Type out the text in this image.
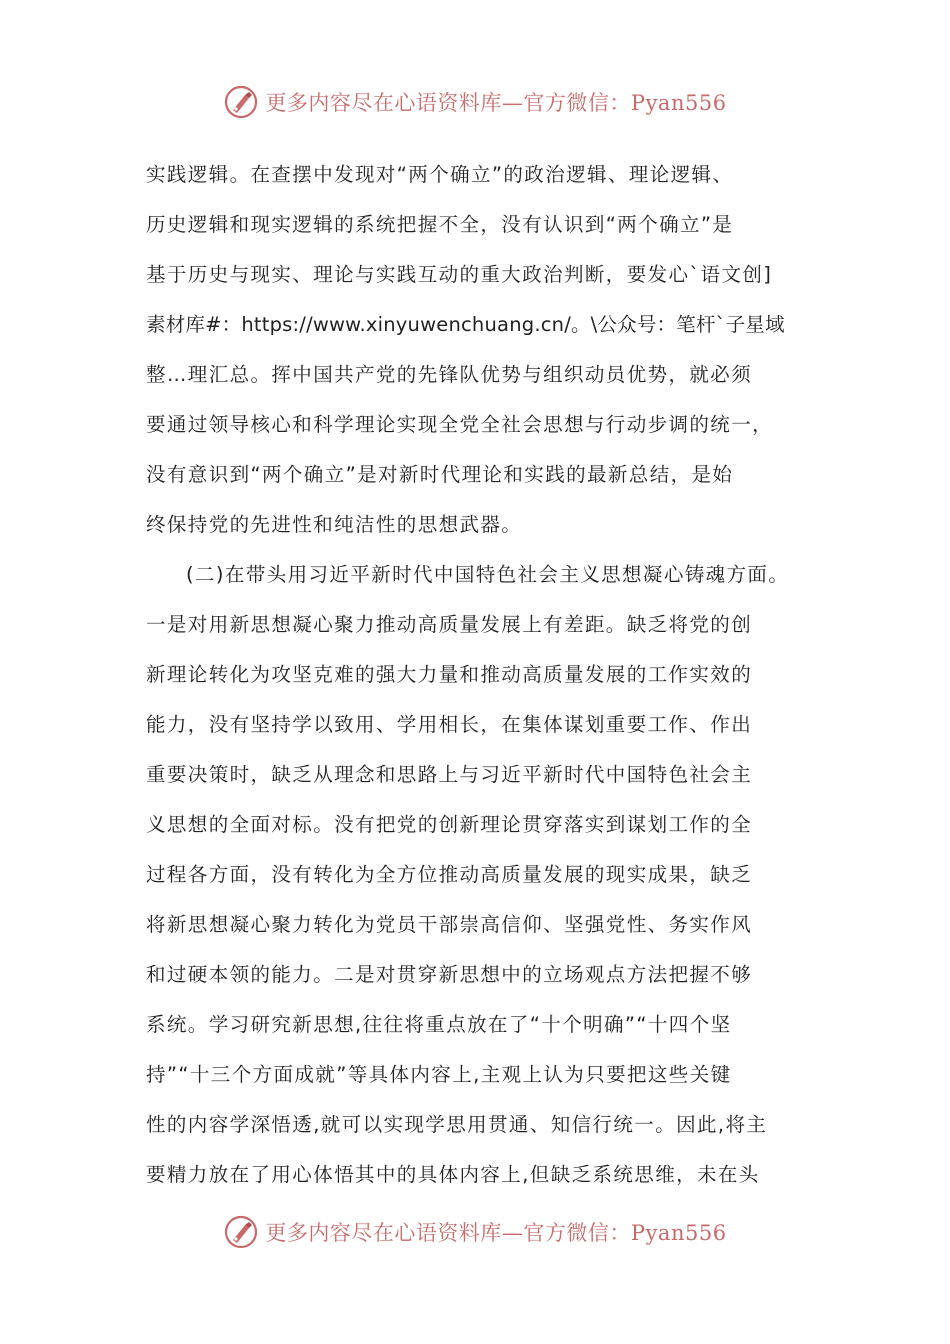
更多内容尽在心语资料库—官方微信：Pyan556
实践逻辑。在查摆中发现对“两个确立”的政治逻辑、理论逻辑、
历史逻辑和现实逻辑的系统把握不全，没有认识到“两个确立”是
基于历史与现实、理论与实践互动的重大政治判断，要发心`语文创]
素材库#：https://www.xinyuwenchuang.cn/。\公众号：笔杆`子星域
整…理汇总。挥中国共产党的先锋队优势与组织动员优势，就必须
要通过领导核心和科学理论实现全党全社会思想与行动步调的统一，
没有意识到“两个确立”是对新时代理论和实践的最新总结，是始
终保持党的先进性和纯洁性的思想武器。
(二)在带头用习近平新时代中国特色社会主义思想凝心铸魂方面。
一是对用新思想凝心聚力推动高质量发展上有差距。缺乏将党的创
新理论转化为攻坚克难的强大力量和推动高质量发展的工作实效的
能力，没有坚持学以致用、学用相长，在集体谋划重要工作、作出
重要决策时，缺乏从理念和思路上与习近平新时代中国特色社会主
义思想的全面对标。没有把党的创新理论贯穿落实到谋划工作的全
过程各方面，没有转化为全方位推动高质量发展的现实成果，缺乏
将新思想凝心聚力转化为党员干部崇高信仰、坚强党性、务实作风
和过硬本领的能力。二是对贯穿新思想中的立场观点方法把握不够
系统。学习研究新思想,往往将重点放在了“十个明确”“十四个坚
持”“十三个方面成就”等具体内容上,主观上认为只要把这些关键
性的内容学深悟透,就可以实现学思用贯通、知信行统一。因此,将主
要精力放在了用心体悟其中的具体内容上,但缺乏系统思维，未在头
更多内容尽在心语资料库—官方微信：Pyan556
